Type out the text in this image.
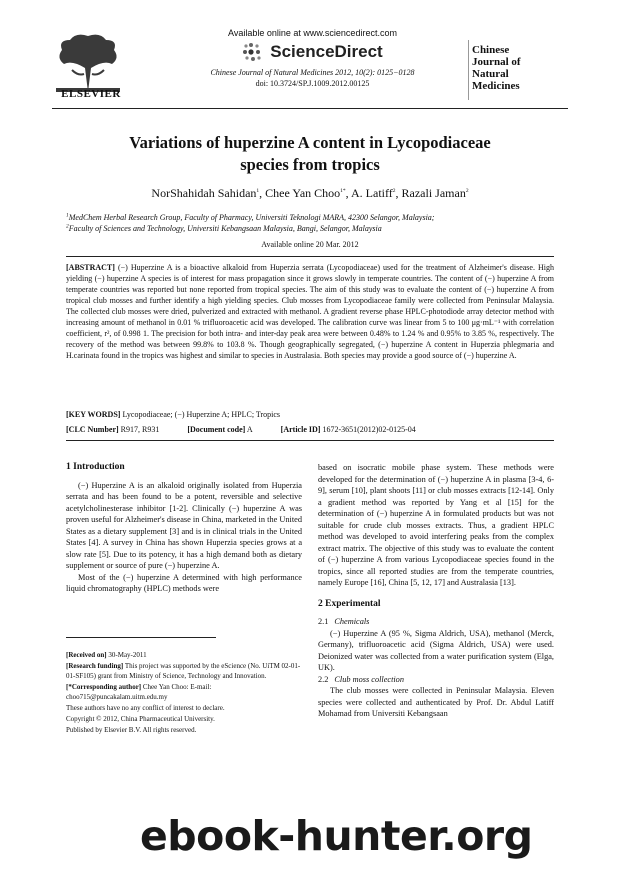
ELSEVIER
Available online at www.sciencedirect.com
ScienceDirect
Chinese Journal of Natural Medicines 2012, 10(2): 0125−0128
doi: 10.3724/SP.J.1009.2012.00125
Chinese
Journal of
Natural
Medicines
Variations of huperzine A content in Lycopodiaceae
species from tropics
NorShahidah Sahidan$^1$, Chee Yan Choo$^{1*}$, A. Latiff$^2$, Razali Jaman$^2$
$^1$MedChem Herbal Research Group, Faculty of Pharmacy, Universiti Teknologi MARA, 42300 Selangor, Malaysia;
$^2$Faculty of Sciences and Technology, Universiti Kebangsaan Malaysia, Bangi, Selangor, Malaysia
Available online 20 Mar. 2012
[ABSTRACT] (−) Huperzine A is a bioactive alkaloid from Huperzia serrata (Lycopodiaceae) used for the treatment of Alzheimer's disease. High yielding (−) huperzine A species is of interest for mass propagation since it grows slowly in temperate countries. The content of (−) huperzine A from temperate countries was reported but none reported from tropical species. The aim of this study was to evaluate the content of (−) huperzine A from tropical club mosses and further identify a high yielding species. Club mosses from Lycopodiaceae family were collected from Peninsular Malaysia. The collected club mosses were dried, pulverized and extracted with methanol. A gradient reverse phase HPLC-photodiode array detector method with increasing amount of methanol in 0.01 % trifluoroacetic acid was developed. The calibration curve was linear from 5 to 100 μg·mL⁻¹ with correlation coefficient, r², of 0.998 1. The precision for both intra- and inter-day peak area were between 0.48% to 1.24 % and 0.95% to 3.85 %, respectively. The recovery of the method was between 99.8% to 103.8 %. Though geographically segregated, (−) huperzine A content in Huperzia phlegmaria and H.carinata found in the tropics was highest and similar to species in Australasia. Both species may provide a good source of (−) huperzine A.
[KEY WORDS] Lycopodiaceae; (−) Huperzine A; HPLC; Tropics
[CLC Number] R917, R931	[Document code] A	[Article ID] 1672-3651(2012)02-0125-04
1 Introduction

(−) Huperzine A is an alkaloid originally isolated from Huperzia serrata and has been found to be a potent, reversible and selective acetylcholinesterase inhibitor [1-2]. Clinically (−) huperzine A was proven useful for Alzheimer's disease in China, marketed in the United States as a dietary supplement [3] and is in clinical trials in the United States [4]. A survey in China has shown Huperzia species grows at a slow rate [5]. Due to its potency, it has a high demand both as dietary supplement or source of pure (−) huperzine A.

Most of the (−) huperzine A determined with high performance liquid chromatography (HPLC) methods were

[Received on] 30-May-2011
[Research funding] This project was supported by the eScience (No. UiTM 02-01-01-SF105) grant from Ministry of Science, Technology and Innovation.
[*Corresponding author] Chee Yan Choo: E-mail: choo715@puncakalam.uitm.edu.my
These authors have no any conflict of interest to declare.
Copyright © 2012, China Pharmaceutical University.
Published by Elsevier B.V. All rights reserved.

based on isocratic mobile phase system. These methods were developed for the determination of (−) huperzine A in plasma [3-4, 6-9], serum [10], plant shoots [11] or club mosses extracts [12-14]. Only a gradient method was reported by Yang et al [15] for the determination of (−) huperzine A in formulated products but was not suitable for crude club mosses extracts. Thus, a gradient HPLC method was developed to avoid interfering peaks from the complex extract matrix. The objective of this study was to evaluate the content of (−) huperzine A from various Lycopodiaceae species found in the tropics, since all reported studies are from the temperate countries, namely Europe [16], China [5, 12, 17] and Australasia [13].

2 Experimental
2.1 Chemicals

(−) Huperzine A (95 %, Sigma Aldrich, USA), methanol (Merck, Germany), trifluoroacetic acid (Sigma Aldrich, USA) were used. Deionized water was collected from a water purification system (Elga, UK).

2.2 Club moss collection

The club mosses were collected in Peninsular Malaysia. Eleven species were collected and authenticated by Prof. Dr. Abdul Latiff Mohamad from Universiti Kebangsaan

ebook-hunter.org
